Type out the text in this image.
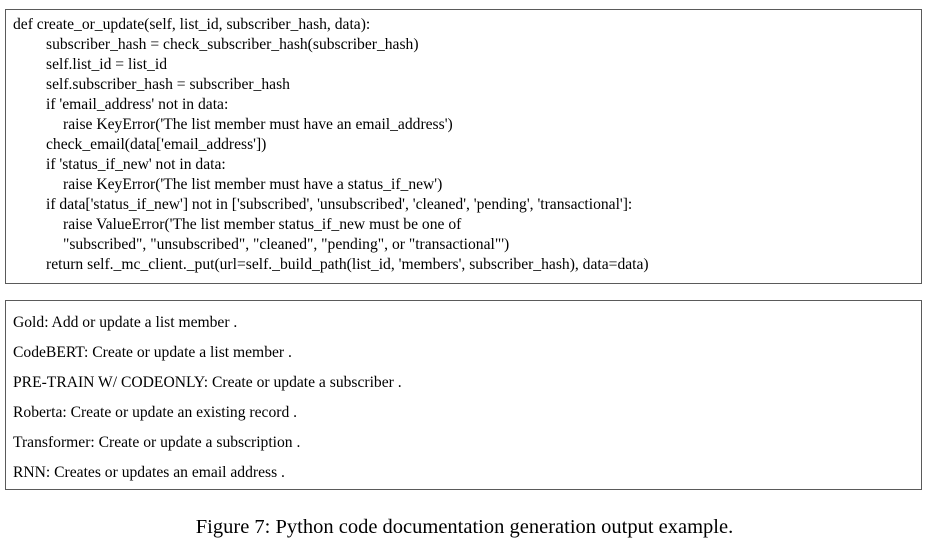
def create_or_update(self, list_id, subscriber_hash, data):
subscriber_hash = check_subscriber_hash(subscriber_hash)
self.list_id = list_id
self.subscriber_hash = subscriber_hash
if 'email_address' not in data:
raise KeyError('The list member must have an email_address')
check_email(data['email_address'])
if 'status_if_new' not in data:
raise KeyError('The list member must have a status_if_new')
if data['status_if_new'] not in ['subscribed', 'unsubscribed', 'cleaned', 'pending', 'transactional']:
raise ValueError('The list member status_if_new must be one of
"subscribed", "unsubscribed", "cleaned", "pending", or "transactional"')
return self._mc_client._put(url=self._build_path(list_id, 'members', subscriber_hash), data=data)
Gold: Add or update a list member .
CodeBERT: Create or update a list member .
PRE-TRAIN W/ CODEONLY: Create or update a subscriber .
Roberta: Create or update an existing record .
Transformer: Create or update a subscription .
RNN: Creates or updates an email address .
Figure 7: Python code documentation generation output example.
